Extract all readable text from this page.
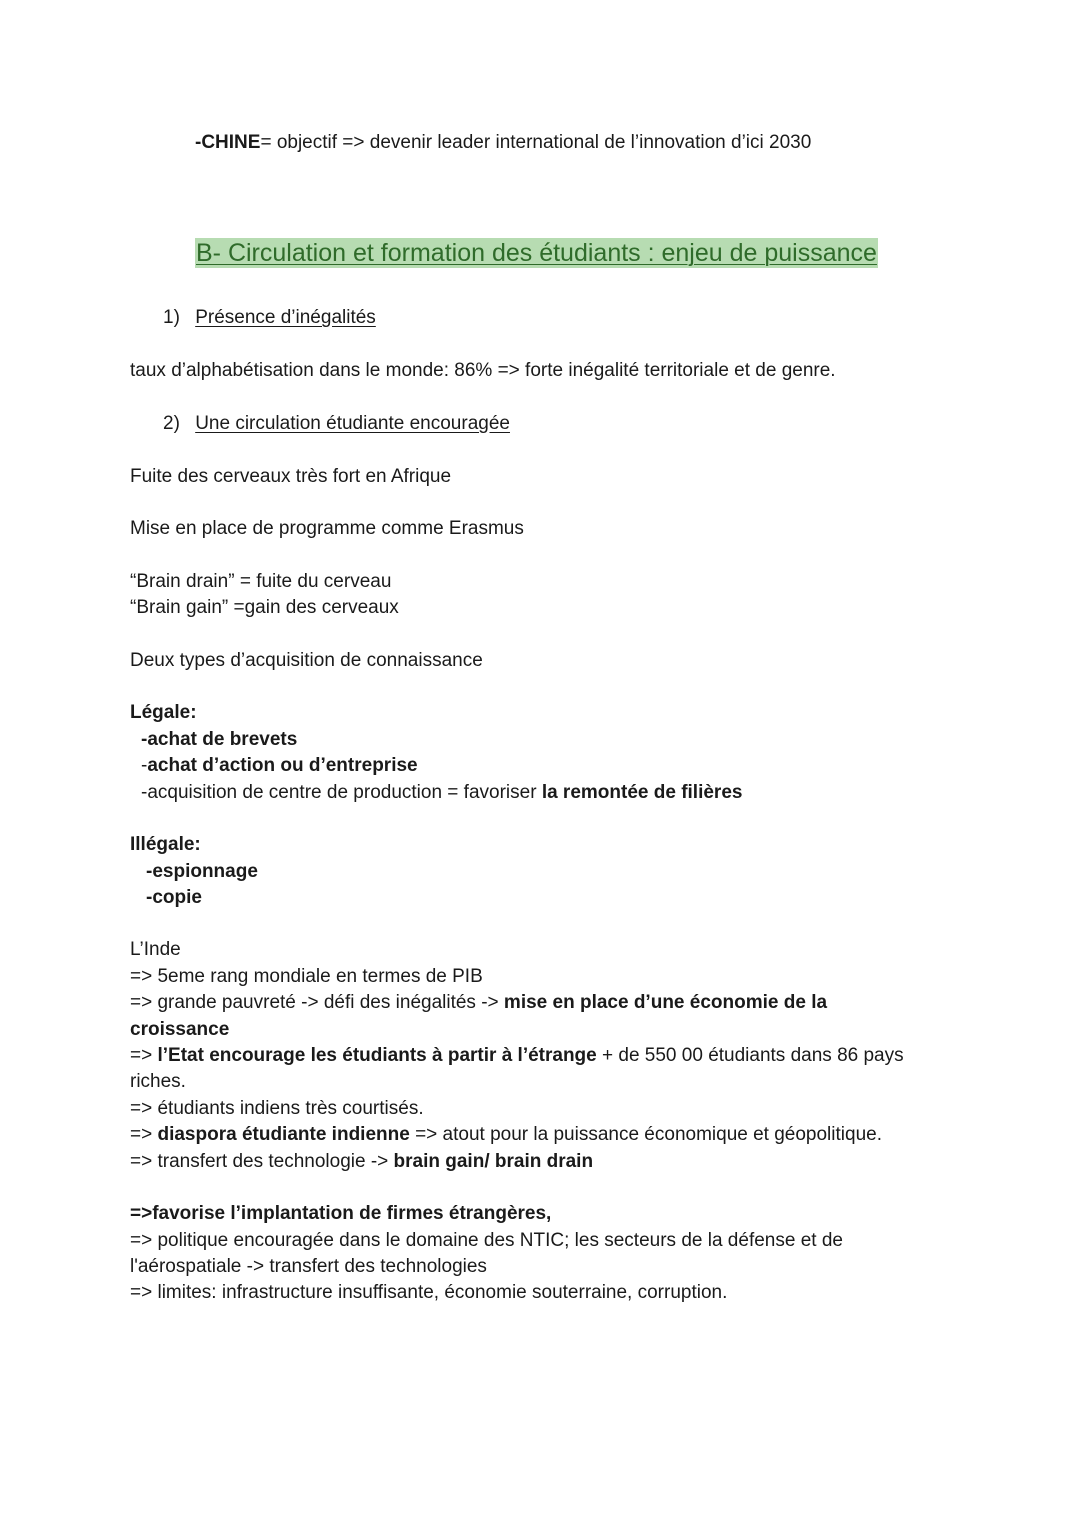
-CHINE= objectif => devenir leader international de l’innovation d’ici 2030
B- Circulation et formation des étudiants : enjeu de puissance
1) Présence d’inégalités
taux d’alphabétisation dans le monde: 86% => forte inégalité territoriale et de genre.
2) Une circulation étudiante encouragée
Fuite des cerveaux très fort en Afrique
Mise en place de programme comme Erasmus
“Brain drain” = fuite du cerveau
“Brain gain” =gain des cerveaux
Deux types d’acquisition de connaissance
Légale:
-achat de brevets
-achat d’action ou d’entreprise
-acquisition de centre de production = favoriser la remontée de filières
Illégale:
-espionnage
-copie
L’Inde
=> 5eme rang mondiale en termes de PIB
=> grande pauvreté -> défi des inégalités -> mise en place d’une économie de la
croissance
=> l’Etat encourage les étudiants à partir à l’étrange + de 550 00 étudiants dans 86 pays
riches.
=> étudiants indiens très courtisés.
=> diaspora étudiante indienne => atout pour la puissance économique et géopolitique.
=> transfert des technologie -> brain gain/ brain drain
=>favorise l’implantation de firmes étrangères,
=> politique encouragée dans le domaine des NTIC; les secteurs de la défense et de
l'aérospatiale -> transfert des technologies
=> limites: infrastructure insuffisante, économie souterraine, corruption.
